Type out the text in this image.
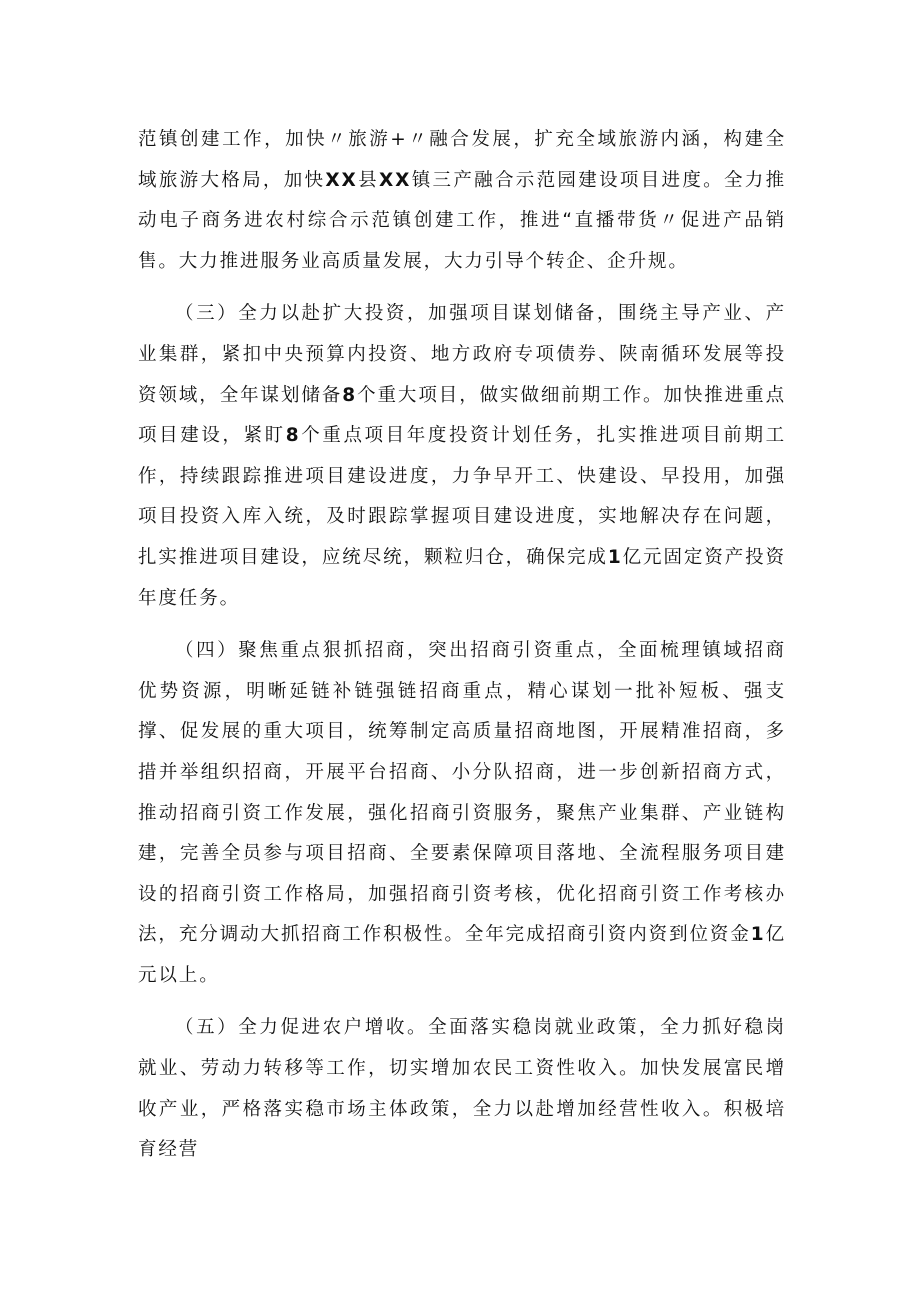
范镇创建工作，加快〃旅游+〃融合发展，扩充全域旅游内涵，构建全域旅游大格局，加快XX县XX镇三产融合示范园建设项目进度。全力推动电子商务进农村综合示范镇创建工作，推进“直播带货〃促进产品销售。大力推进服务业高质量发展，大力引导个转企、企升规。

（三）全力以赴扩大投资，加强项目谋划储备，围绕主导产业、产业集群，紧扣中央预算内投资、地方政府专项债券、陕南循环发展等投资领域，全年谋划储备8个重大项目，做实做细前期工作。加快推进重点项目建设，紧盯8个重点项目年度投资计划任务，扎实推进项目前期工作，持续跟踪推进项目建设进度，力争早开工、快建设、早投用，加强项目投资入库入统，及时跟踪掌握项目建设进度，实地解决存在问题，扎实推进项目建设，应统尽统，颗粒归仓，确保完成1亿元固定资产投资年度任务。

（四）聚焦重点狠抓招商，突出招商引资重点，全面梳理镇域招商优势资源，明晰延链补链强链招商重点，精心谋划一批补短板、强支撑、促发展的重大项目，统筹制定高质量招商地图，开展精准招商，多措并举组织招商，开展平台招商、小分队招商，进一步创新招商方式，推动招商引资工作发展，强化招商引资服务，聚焦产业集群、产业链构建，完善全员参与项目招商、全要素保障项目落地、全流程服务项目建设的招商引资工作格局，加强招商引资考核，优化招商引资工作考核办法，充分调动大抓招商工作积极性。全年完成招商引资内资到位资金1亿元以上。

（五）全力促进农户增收。全面落实稳岗就业政策，全力抓好稳岗就业、劳动力转移等工作，切实增加农民工资性收入。加快发展富民增收产业，严格落实稳市场主体政策，全力以赴增加经营性收入。积极培育经营
